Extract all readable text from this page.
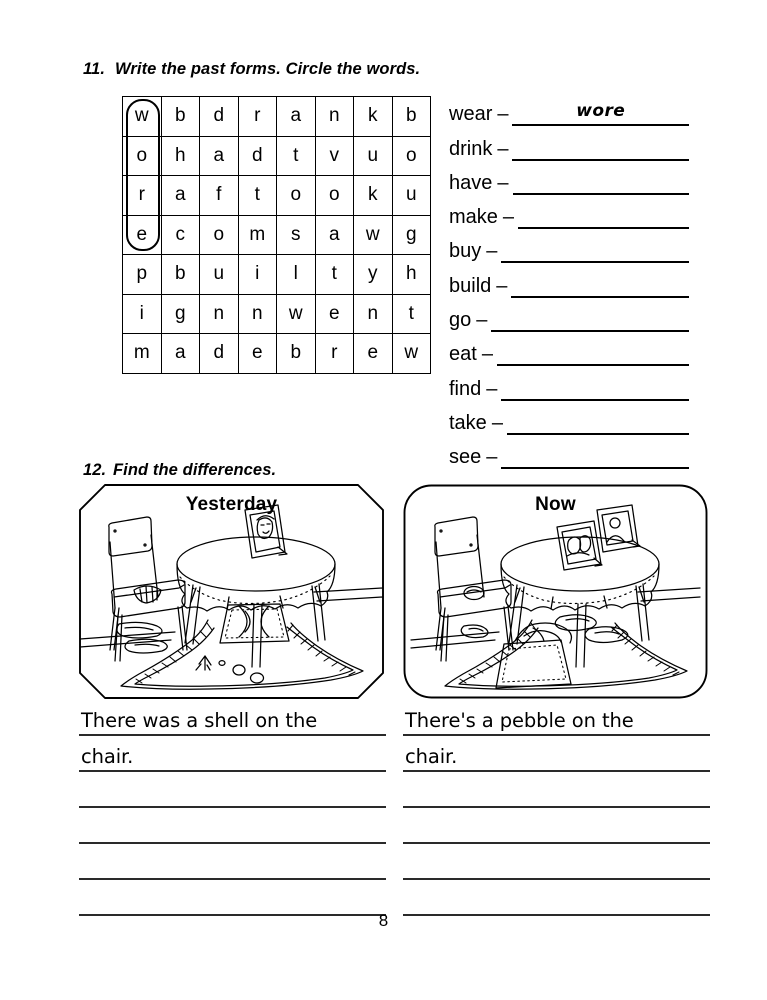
11. Write the past forms. Circle the words.
w	b	d	r	a	n	k	b
o	h	a	d	t	v	u	o
r	a	f	t	o	o	k	u
e	c	o	m	s	a	w	g
p	b	u	i	l	t	y	h
i	g	n	n	w	e	n	t
m	a	d	e	b	r	e	w
wear –	wore
drink –
have –
make –
buy –
build –
go –
eat –
find –
take –
see –
12. Find the differences.
Yesterday	Now
There was a shell on the
chair.
There's a pebble on the
chair.
8
